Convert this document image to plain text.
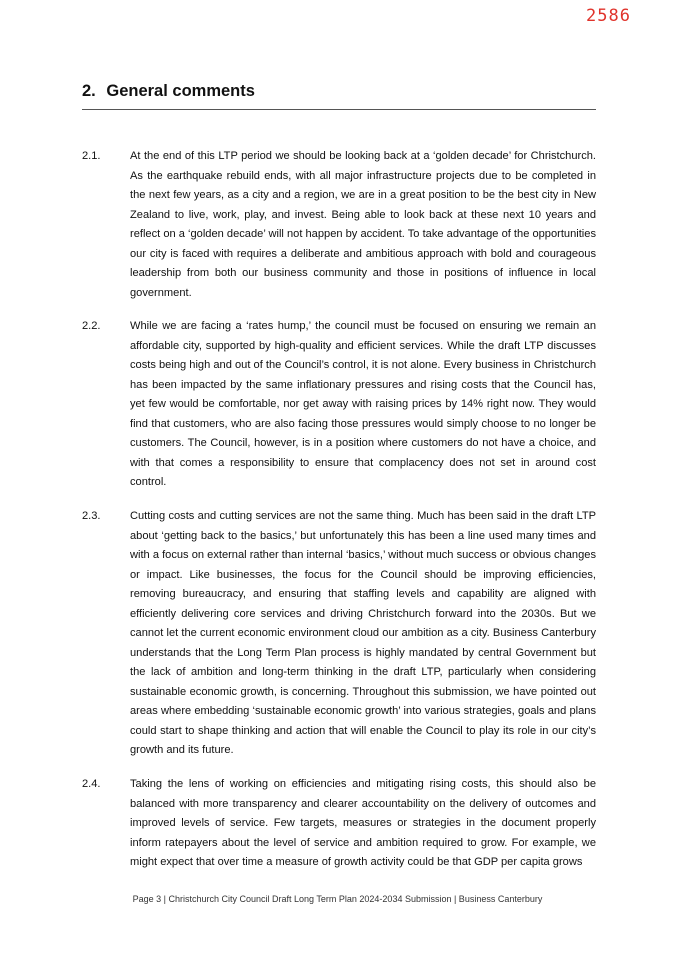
2586
2. General comments
2.1.	At the end of this LTP period we should be looking back at a ‘golden decade’ for Christchurch. As the earthquake rebuild ends, with all major infrastructure projects due to be completed in the next few years, as a city and a region, we are in a great position to be the best city in New Zealand to live, work, play, and invest. Being able to look back at these next 10 years and reflect on a ‘golden decade’ will not happen by accident. To take advantage of the opportunities our city is faced with requires a deliberate and ambitious approach with bold and courageous leadership from both our business community and those in positions of influence in local government.
2.2.	While we are facing a ‘rates hump,’ the council must be focused on ensuring we remain an affordable city, supported by high-quality and efficient services. While the draft LTP discusses costs being high and out of the Council’s control, it is not alone. Every business in Christchurch has been impacted by the same inflationary pressures and rising costs that the Council has, yet few would be comfortable, nor get away with raising prices by 14% right now. They would find that customers, who are also facing those pressures would simply choose to no longer be customers. The Council, however, is in a position where customers do not have a choice, and with that comes a responsibility to ensure that complacency does not set in around cost control.
2.3.	Cutting costs and cutting services are not the same thing. Much has been said in the draft LTP about ‘getting back to the basics,’ but unfortunately this has been a line used many times and with a focus on external rather than internal ‘basics,’ without much success or obvious changes or impact. Like businesses, the focus for the Council should be improving efficiencies, removing bureaucracy, and ensuring that staffing levels and capability are aligned with efficiently delivering core services and driving Christchurch forward into the 2030s. But we cannot let the current economic environment cloud our ambition as a city. Business Canterbury understands that the Long Term Plan process is highly mandated by central Government but the lack of ambition and long-term thinking in the draft LTP, particularly when considering sustainable economic growth, is concerning. Throughout this submission, we have pointed out areas where embedding ‘sustainable economic growth’ into various strategies, goals and plans could start to shape thinking and action that will enable the Council to play its role in our city’s growth and its future.
2.4.	Taking the lens of working on efficiencies and mitigating rising costs, this should also be balanced with more transparency and clearer accountability on the delivery of outcomes and improved levels of service. Few targets, measures or strategies in the document properly inform ratepayers about the level of service and ambition required to grow. For example, we might expect that over time a measure of growth activity could be that GDP per capita grows
Page 3 | Christchurch City Council Draft Long Term Plan 2024-2034 Submission | Business Canterbury
